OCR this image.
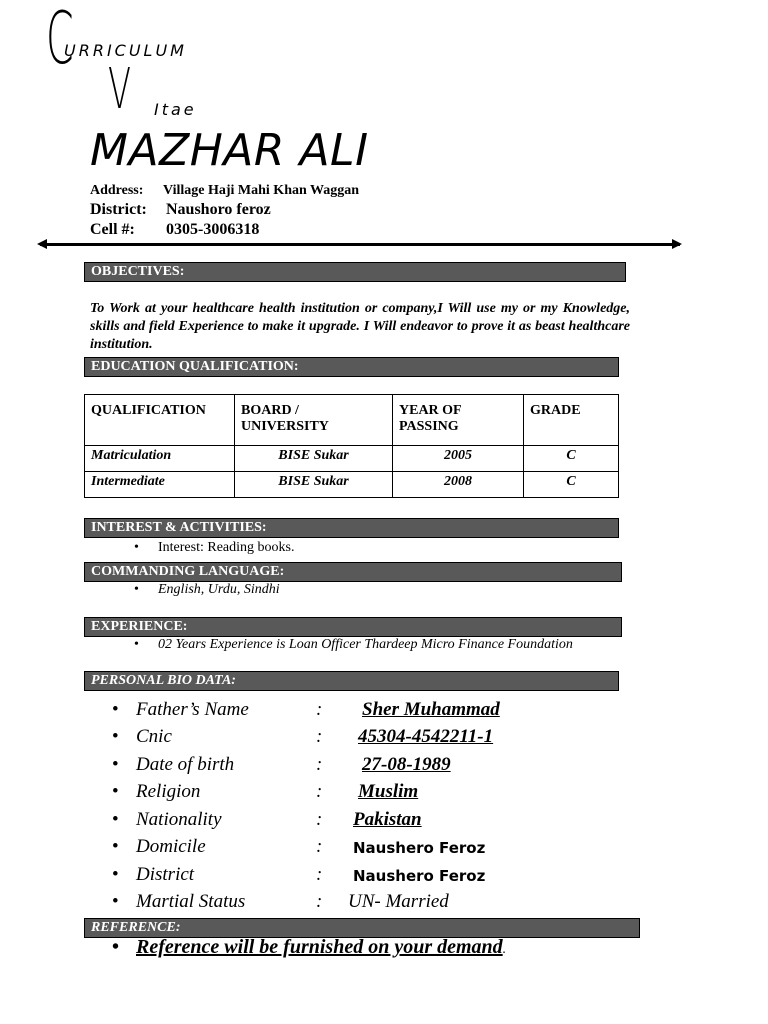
C
URRICULUM
V Itae
MAZHAR ALI
Address: Village Haji Mahi Khan Waggan
District: Naushoro feroz
Cell #: 0305-3006318
OBJECTIVES:
To Work at your healthcare health institution or company,I Will use my or my Knowledge, skills and field Experience to make it upgrade. I Will endeavor to prove it as beast healthcare institution.
EDUCATION QUALIFICATION:
QUALIFICATION	BOARD / UNIVERSITY	YEAR OF PASSING	GRADE
Matriculation	BISE Sukar	2005	C
Intermediate	BISE Sukar	2008	C
INTEREST & ACTIVITIES:
• Interest: Reading books.
COMMANDING LANGUAGE:
• English, Urdu, Sindhi
EXPERIENCE:
• 02 Years Experience is Loan Officer Thardeep Micro Finance Foundation
PERSONAL BIO DATA:
• Father’s Name	: Sher Muhammad
• Cnic	: 45304-4542211-1
• Date of birth	: 27-08-1989
• Religion	: Muslim
• Nationality	: Pakistan
• Domicile	: Naushero Feroz
• District	: Naushero Feroz
• Martial Status	: UN- Married
REFERENCE:
• Reference will be furnished on your demand.
